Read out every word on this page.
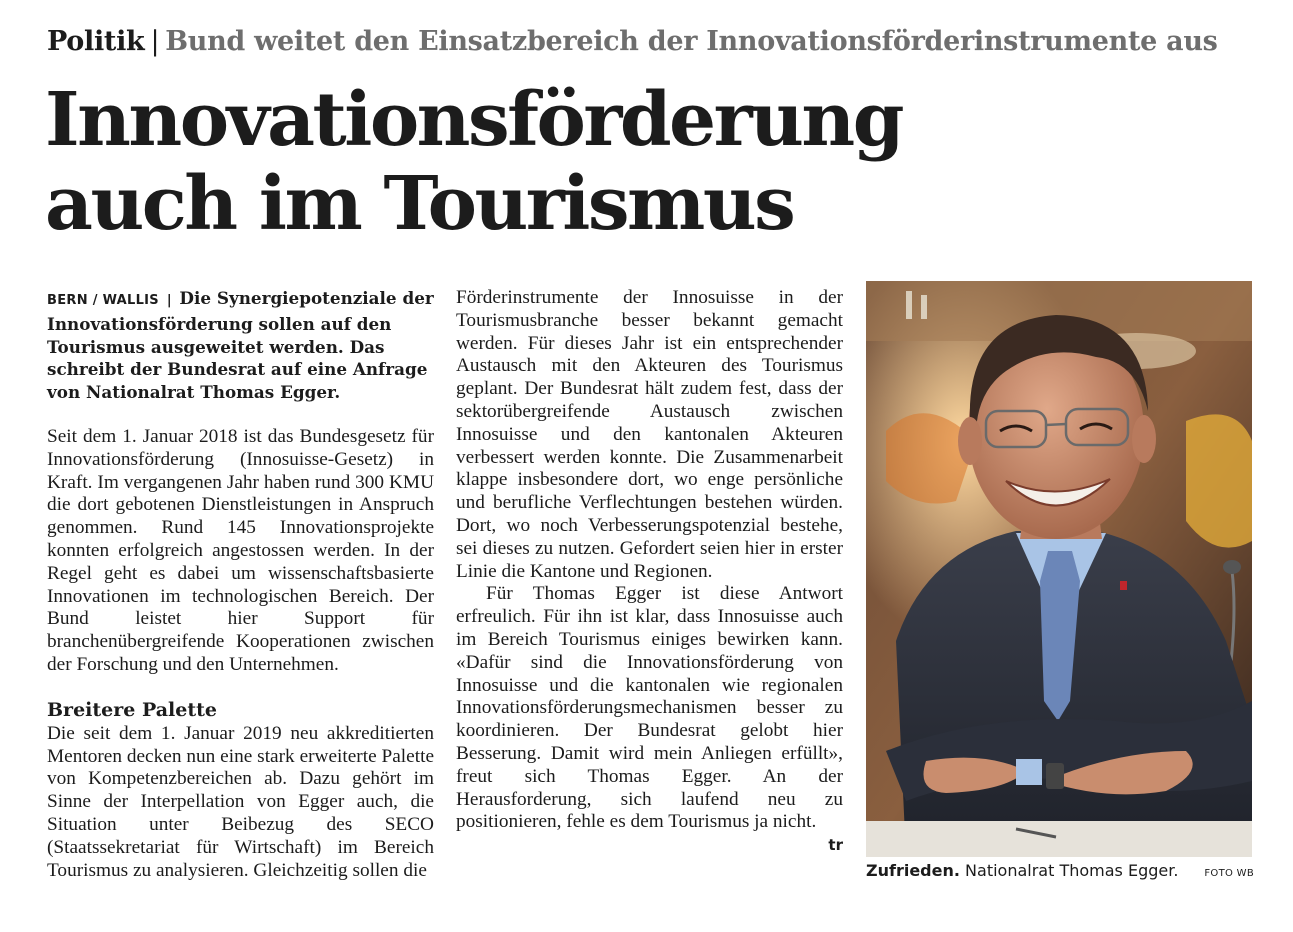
Politik | Bund weitet den Einsatzbereich der Innovationsförderinstrumente aus
Innovationsförderung
auch im Tourismus

BERN / WALLIS | Die Synergiepotenziale der Innovationsförderung sollen auf den Tourismus ausgeweitet werden. Das schreibt der Bundesrat auf eine Anfrage von Nationalrat Thomas Egger.

Seit dem 1. Januar 2018 ist das Bundesgesetz für Innovationsförderung (Innosuisse-Gesetz) in Kraft. Im vergangenen Jahr haben rund 300 KMU die dort gebotenen Dienstleistungen in Anspruch genommen. Rund 145 Innovationsprojekte konnten erfolgreich angestossen werden. In der Regel geht es dabei um wissenschaftsbasierte Innovationen im technologischen Bereich. Der Bund leistet hier Support für branchenübergreifende Kooperationen zwischen der Forschung und den Unternehmen.

Breitere Palette

Die seit dem 1. Januar 2019 neu akkreditierten Mentoren decken nun eine stark erweiterte Palette von Kompetenzbereichen ab. Dazu gehört im Sinne der Interpellation von Egger auch, die Situation unter Beibezug des SECO (Staatssekretariat für Wirtschaft) im Bereich Tourismus zu analysieren. Gleichzeitig sollen die

Förderinstrumente der Innosuisse in der Tourismusbranche besser bekannt gemacht werden. Für dieses Jahr ist ein entsprechender Austausch mit den Akteuren des Tourismus geplant. Der Bundesrat hält zudem fest, dass der sektorübergreifende Austausch zwischen Innosuisse und den kantonalen Akteuren verbessert werden konnte. Die Zusammenarbeit klappe insbesondere dort, wo enge persönliche und berufliche Verflechtungen bestehen würden. Dort, wo noch Verbesserungspotenzial bestehe, sei dieses zu nutzen. Gefordert seien hier in erster Linie die Kantone und Regionen.

Für Thomas Egger ist diese Antwort erfreulich. Für ihn ist klar, dass Innosuisse auch im Bereich Tourismus einiges bewirken kann. «Dafür sind die Innovationsförderung von Innosuisse und die kantonalen wie regionalen Innovationsförderungsmechanismen besser zu koordinieren. Der Bundesrat gelobt hier Besserung. Damit wird mein Anliegen erfüllt», freut sich Thomas Egger. An der Herausforderung, sich laufend neu zu positionieren, fehle es dem Tourismus ja nicht.
tr

Zufrieden. Nationalrat Thomas Egger.	FOTO WB
